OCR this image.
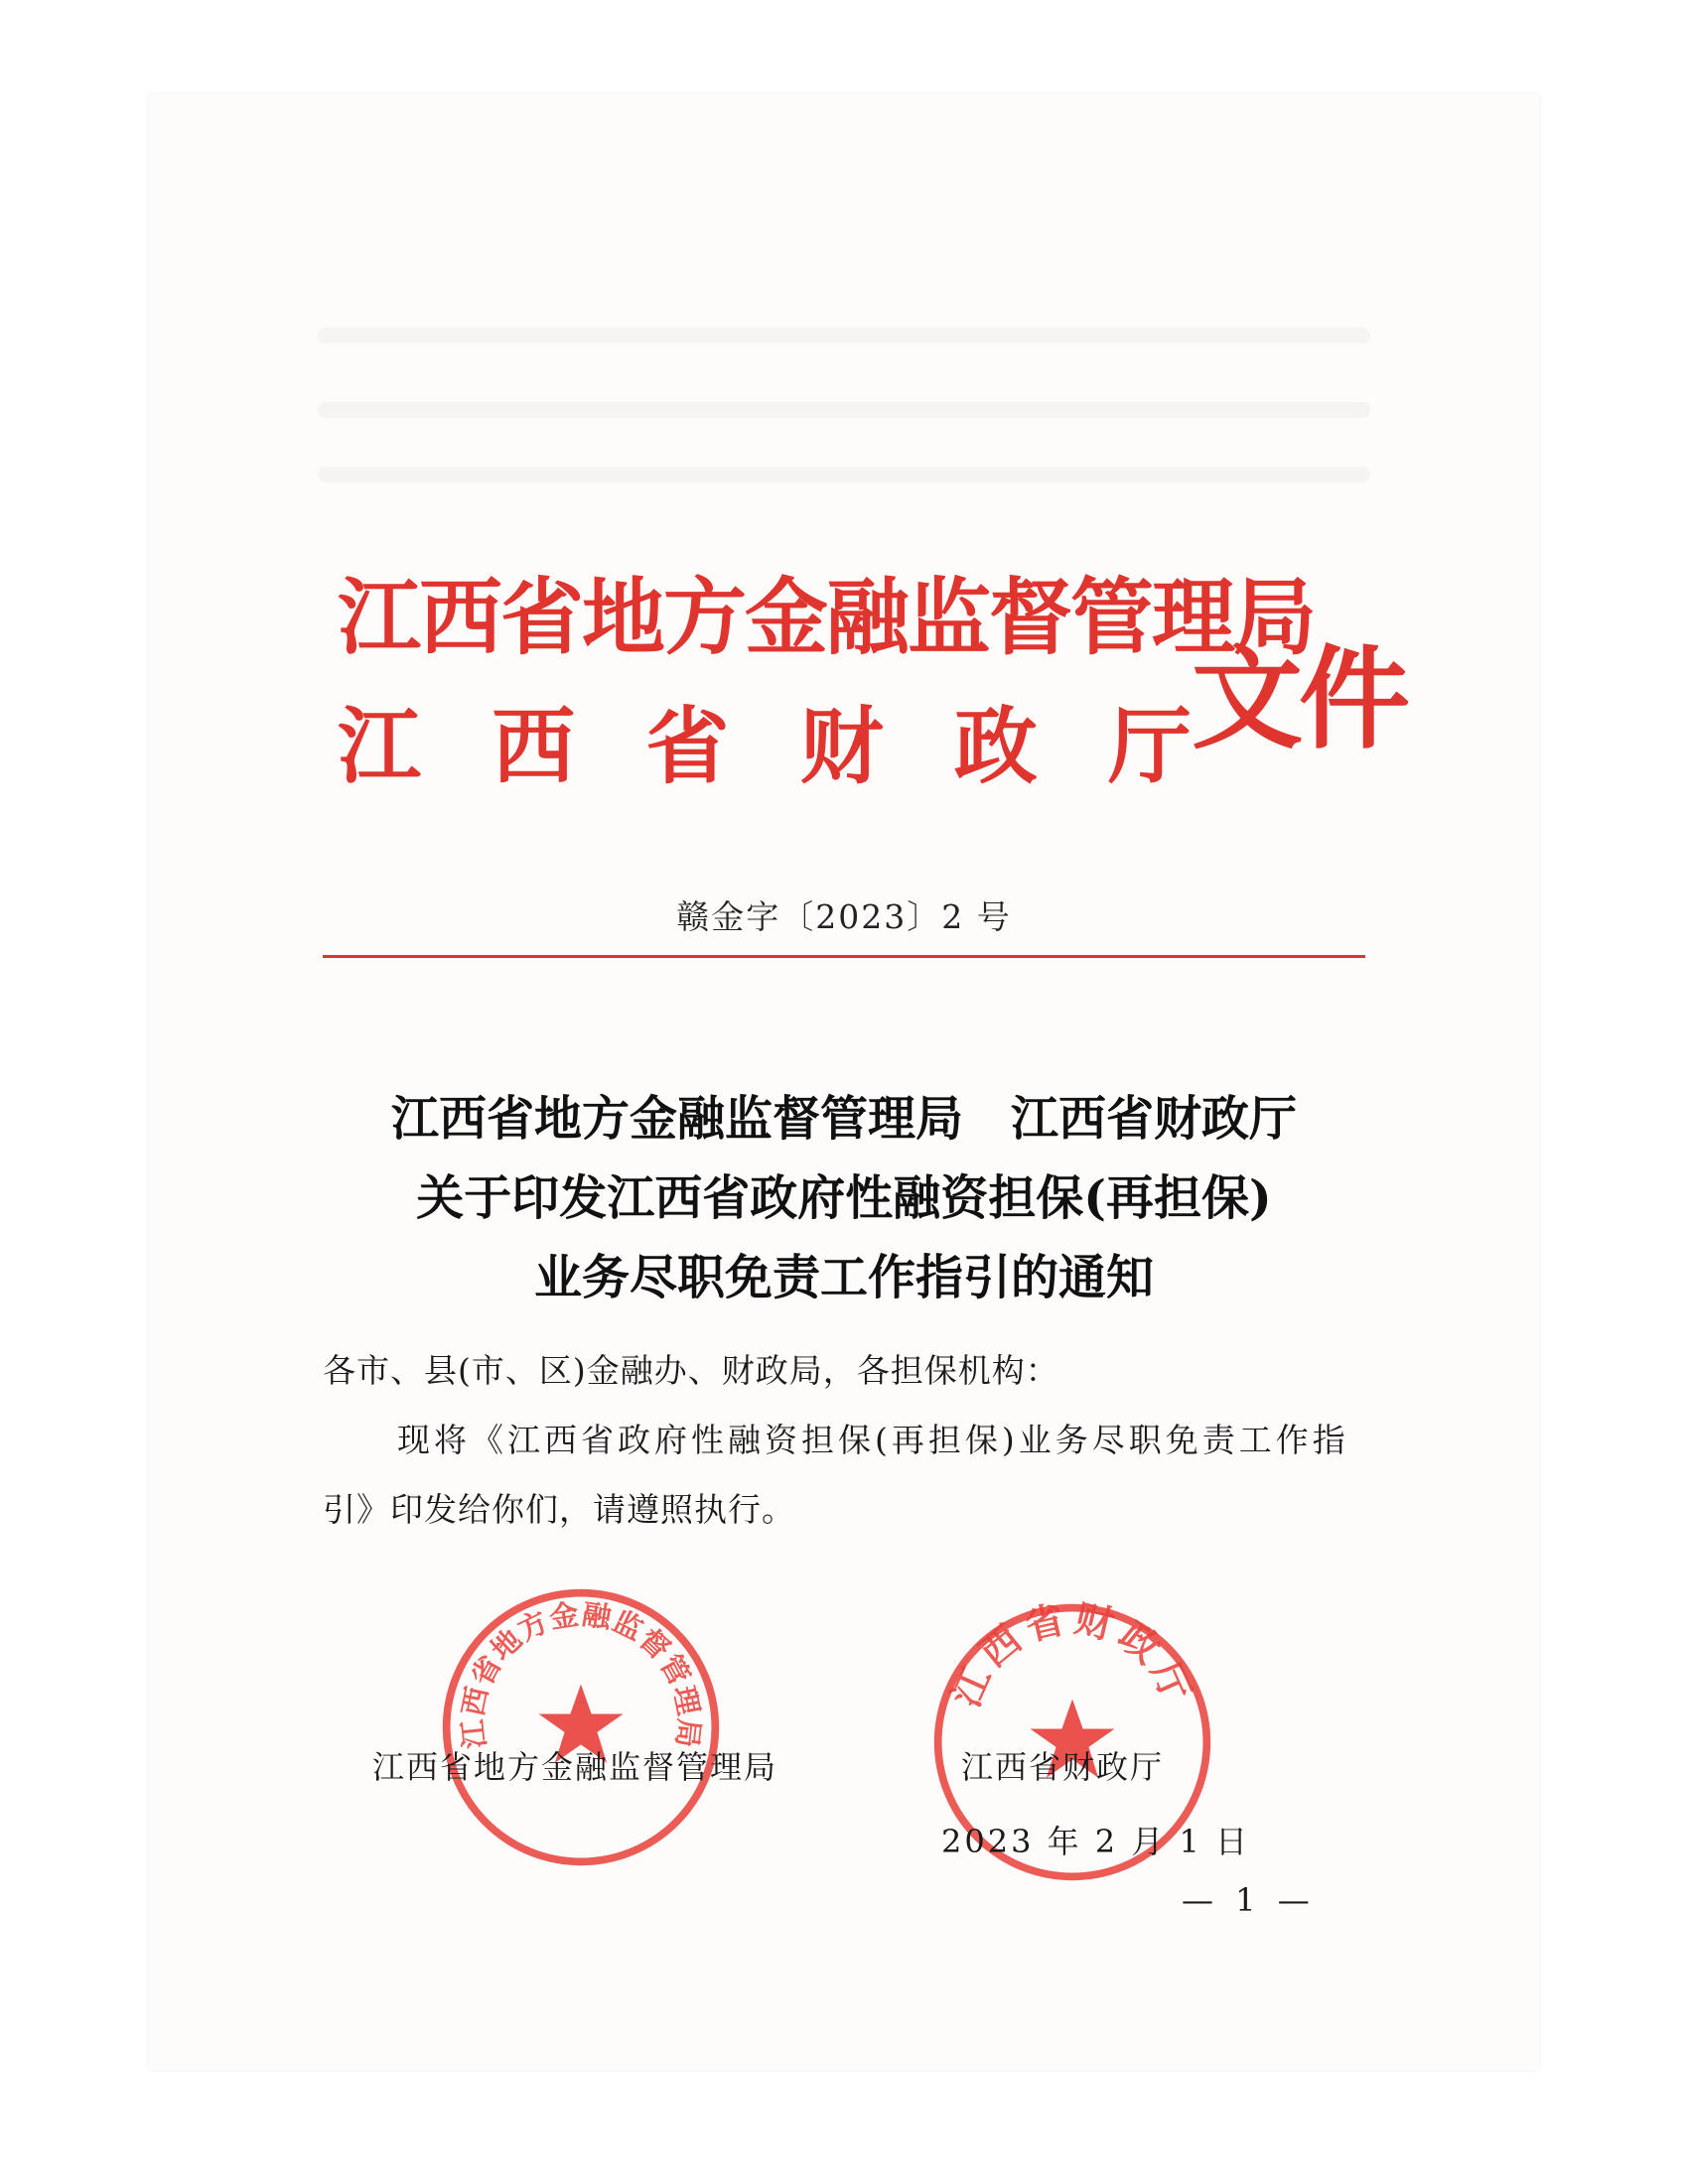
江西省地方金融监督管理局
江 西 省 财 政 厅 文件
赣金字〔2023〕2 号
江西省地方金融监督管理局　江西省财政厅
关于印发江西省政府性融资担保(再担保)
业务尽职免责工作指引的通知
各市、县(市、区)金融办、财政局，各担保机构：
现将《江西省政府性融资担保(再担保)业务尽职免责工作指
引》印发给你们，请遵照执行。
江西省地方金融监督管理局
江西省财政厅
江西省地方金融监督管理局	江西省财政厅
2023 年 2 月 1 日
— 1 —
